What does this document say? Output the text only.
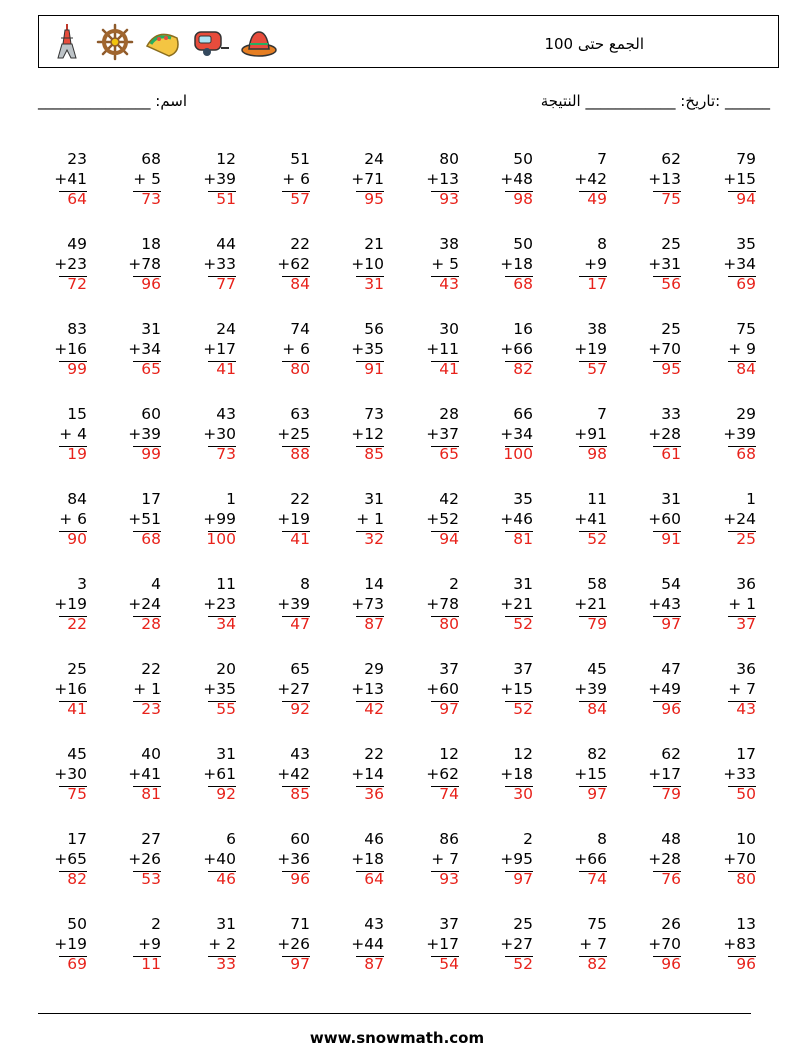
الجمع حتى 100
اسم: _______________	______ :تاريخ: ____________ النتيجة
23
+41
64
68
+ 5
73
12
+39
51
51
+ 6
57
24
+71
95
80
+13
93
50
+48
98
7
+42
49
62
+13
75
79
+15
94
49
+23
72
18
+78
96
44
+33
77
22
+62
84
21
+10
31
38
+ 5
43
50
+18
68
8
+9
17
25
+31
56
35
+34
69
83
+16
99
31
+34
65
24
+17
41
74
+ 6
80
56
+35
91
30
+11
41
16
+66
82
38
+19
57
25
+70
95
75
+ 9
84
15
+ 4
19
60
+39
99
43
+30
73
63
+25
88
73
+12
85
28
+37
65
66
+34
100
7
+91
98
33
+28
61
29
+39
68
84
+ 6
90
17
+51
68
1
+99
100
22
+19
41
31
+ 1
32
42
+52
94
35
+46
81
11
+41
52
31
+60
91
1
+24
25
3
+19
22
4
+24
28
11
+23
34
8
+39
47
14
+73
87
2
+78
80
31
+21
52
58
+21
79
54
+43
97
36
+ 1
37
25
+16
41
22
+ 1
23
20
+35
55
65
+27
92
29
+13
42
37
+60
97
37
+15
52
45
+39
84
47
+49
96
36
+ 7
43
45
+30
75
40
+41
81
31
+61
92
43
+42
85
22
+14
36
12
+62
74
12
+18
30
82
+15
97
62
+17
79
17
+33
50
17
+65
82
27
+26
53
6
+40
46
60
+36
96
46
+18
64
86
+ 7
93
2
+95
97
8
+66
74
48
+28
76
10
+70
80
50
+19
69
2
+9
11
31
+ 2
33
71
+26
97
43
+44
87
37
+17
54
25
+27
52
75
+ 7
82
26
+70
96
13
+83
96
www.snowmath.com
